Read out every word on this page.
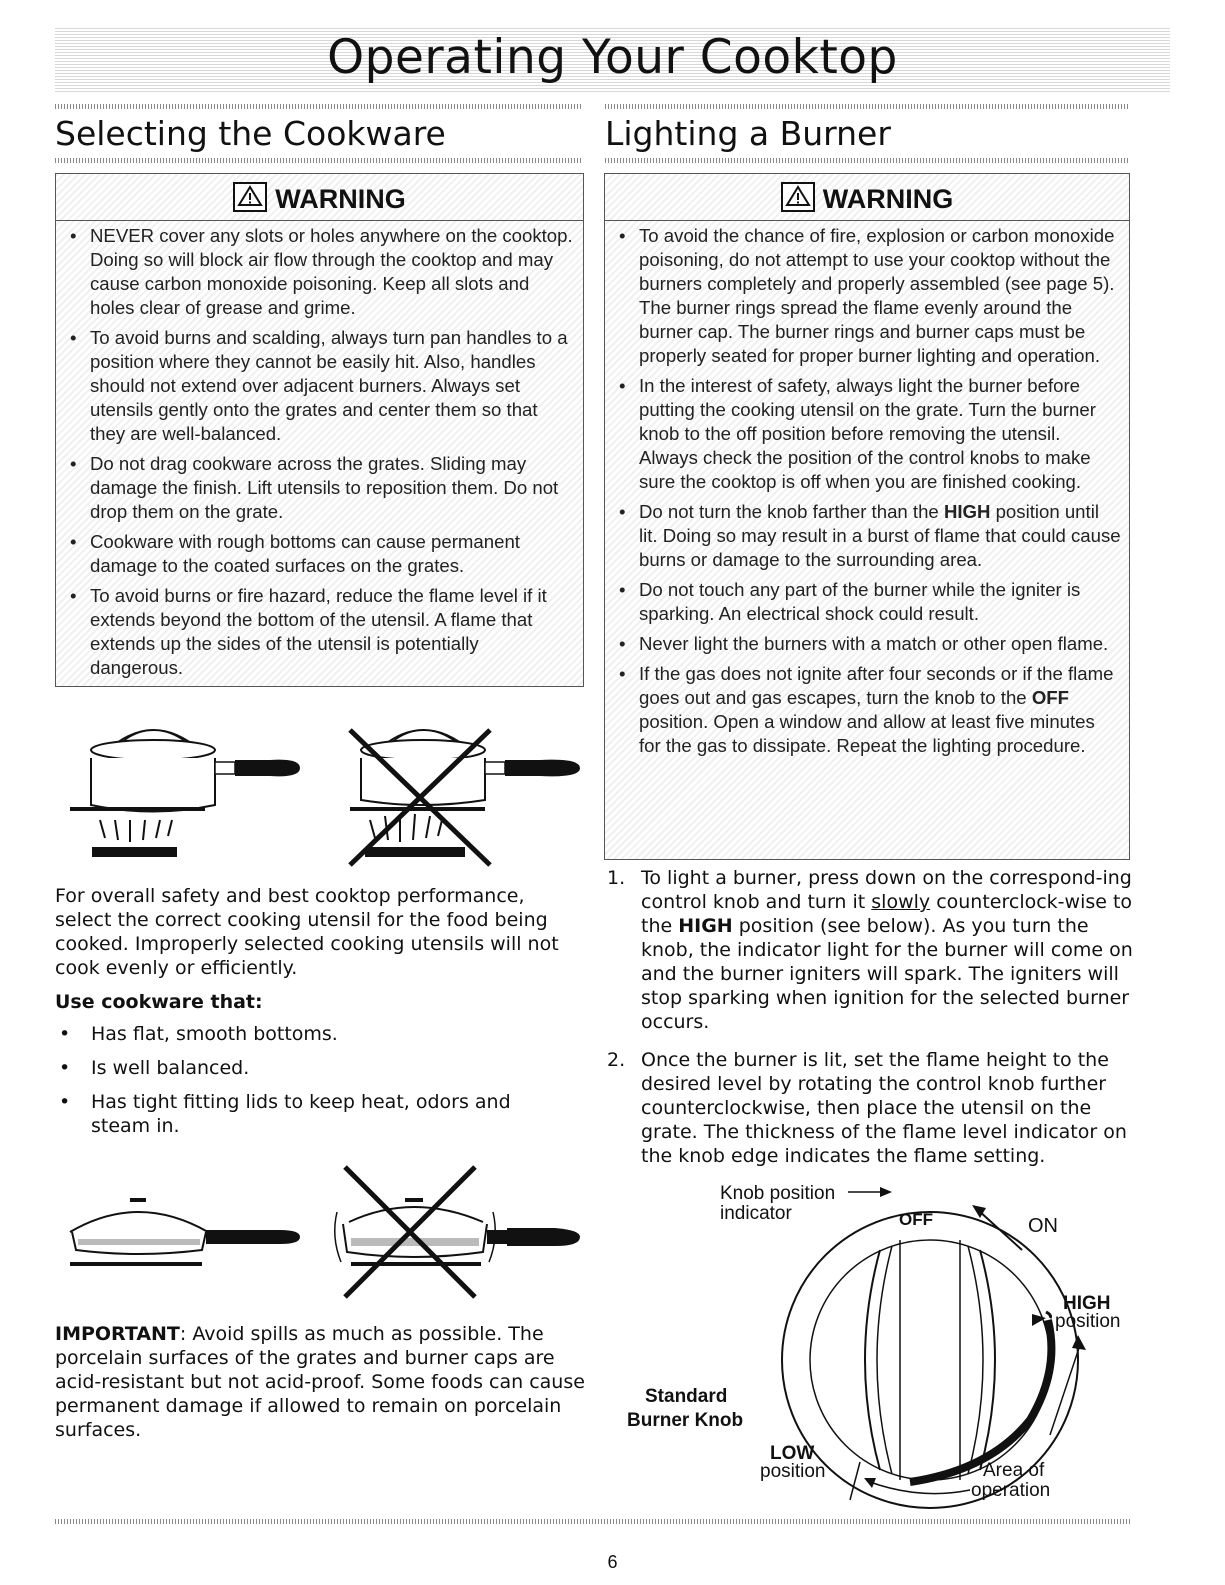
Operating Your Cooktop
Selecting the Cookware	Lighting a Burner
WARNING
• NEVER cover any slots or holes anywhere on the cooktop. Doing so will block air flow through the cooktop and may cause carbon monoxide poisoning. Keep all slots and holes clear of grease and grime.
• To avoid burns and scalding, always turn pan handles to a position where they cannot be easily hit. Also, handles should not extend over adjacent burners. Always set utensils gently onto the grates and center them so that they are well-balanced.
• Do not drag cookware across the grates. Sliding may damage the finish. Lift utensils to reposition them. Do not drop them on the grate.
• Cookware with rough bottoms can cause permanent damage to the coated surfaces on the grates.
• To avoid burns or fire hazard, reduce the flame level if it extends beyond the bottom of the utensil. A flame that extends up the sides of the utensil is potentially dangerous.
For overall safety and best cooktop performance, select the correct cooking utensil for the food being cooked. Improperly selected cooking utensils will not cook evenly or efficiently.
Use cookware that:
• Has flat, smooth bottoms.
• Is well balanced.
• Has tight fitting lids to keep heat, odors and steam in.
IMPORTANT: Avoid spills as much as possible. The porcelain surfaces of the grates and burner caps are acid-resistant but not acid-proof. Some foods can cause permanent damage if allowed to remain on porcelain surfaces.
WARNING
• To avoid the chance of fire, explosion or carbon monoxide poisoning, do not attempt to use your cooktop without the burners completely and properly assembled (see page 5). The burner rings spread the flame evenly around the burner cap. The burner rings and burner caps must be properly seated for proper burner lighting and operation.
• In the interest of safety, always light the burner before putting the cooking utensil on the grate. Turn the burner knob to the off position before removing the utensil. Always check the position of the control knobs to make sure the cooktop is off when you are finished cooking.
• Do not turn the knob farther than the HIGH position until lit. Doing so may result in a burst of flame that could cause burns or damage to the surrounding area.
• Do not touch any part of the burner while the igniter is sparking. An electrical shock could result.
• Never light the burners with a match or other open flame.
• If the gas does not ignite after four seconds or if the flame goes out and gas escapes, turn the knob to the OFF position. Open a window and allow at least five minutes for the gas to dissipate. Repeat the lighting procedure.
1. To light a burner, press down on the correspond-ing control knob and turn it slowly counterclock-wise to the HIGH position (see below). As you turn the knob, the indicator light for the burner will come on and the burner igniters will spark. The igniters will stop sparking when ignition for the selected burner occurs.
2. Once the burner is lit, set the flame height to the desired level by rotating the control knob further counterclockwise, then place the utensil on the grate. The thickness of the flame level indicator on the knob edge indicates the flame setting.
Knob position
indicator	OFF	ON
HIGH
position
Standard
Burner Knob
LOW
position	Area of
operation
6
